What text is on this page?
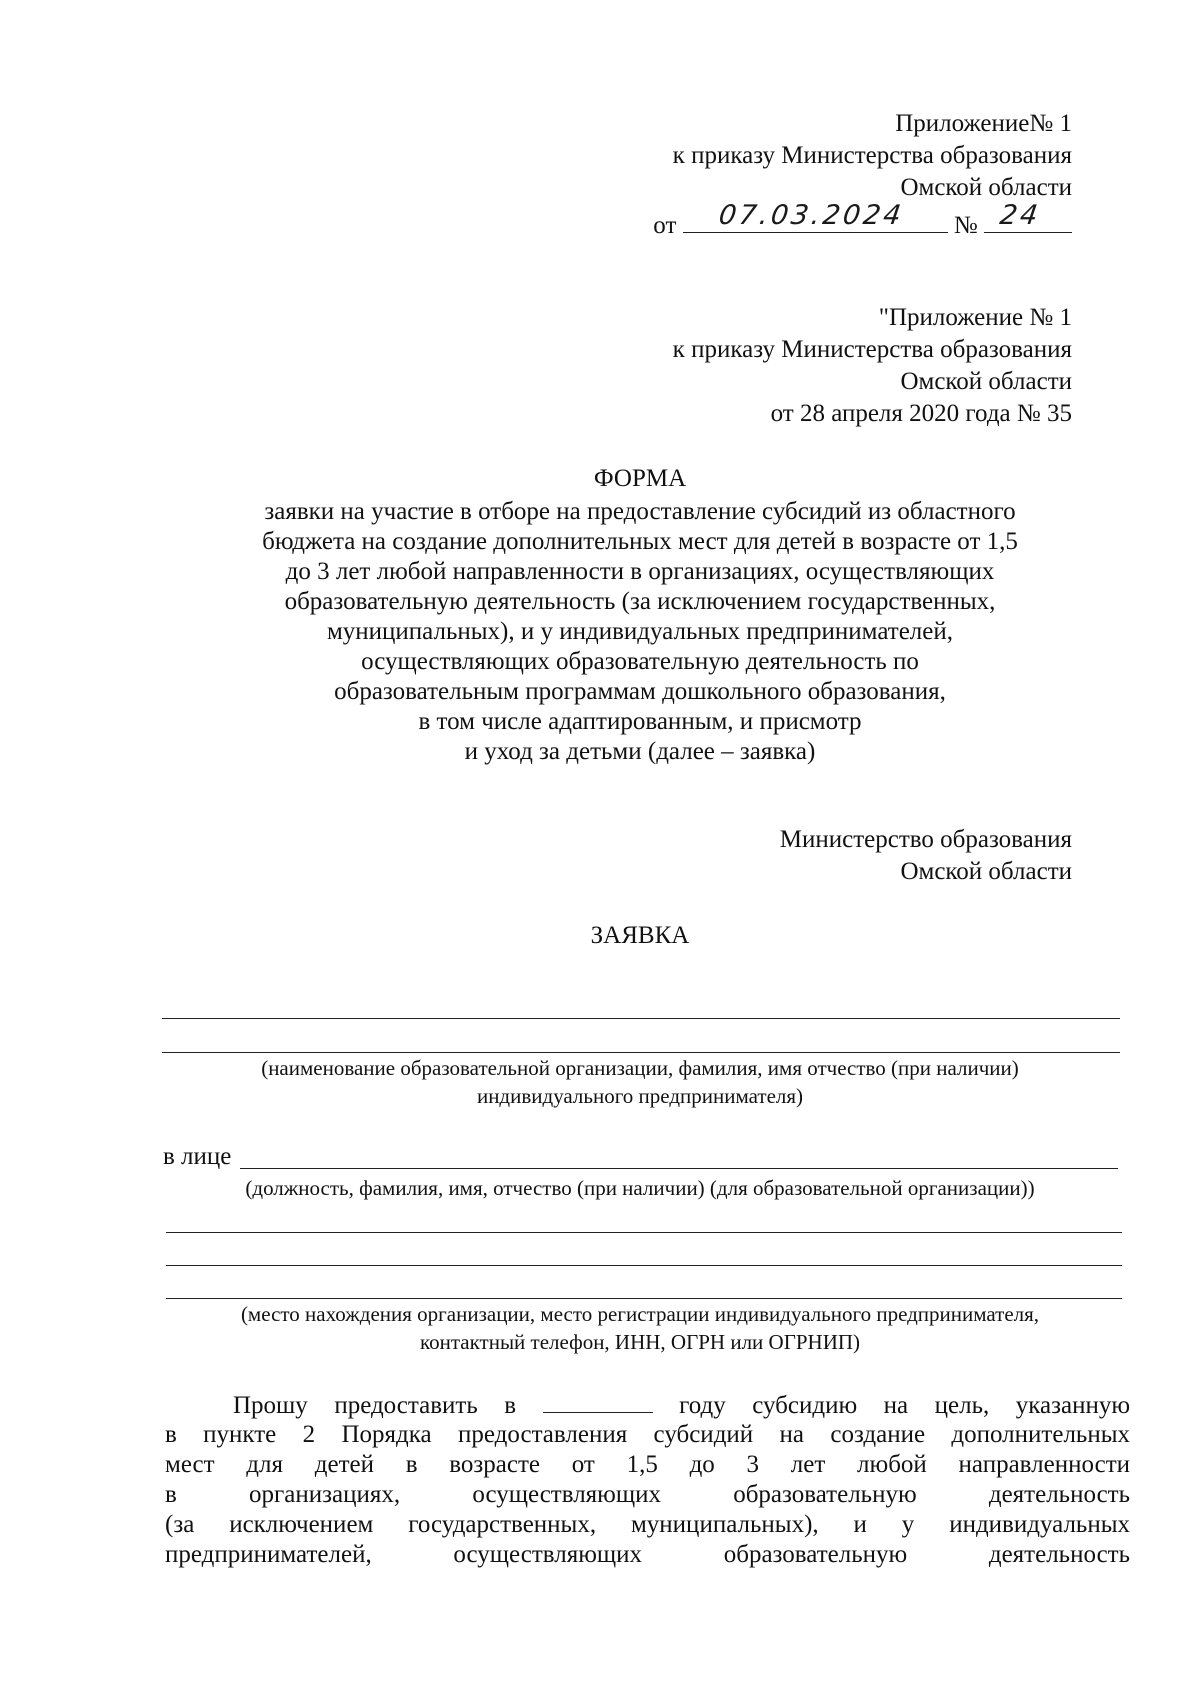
Приложение№ 1
к приказу Министерства образования
Омской области
от 07.03.2024 № 24
"Приложение № 1
к приказу Министерства образования
Омской области
от 28 апреля 2020 года № 35
ФОРМА
заявки на участие в отборе на предоставление субсидий из областного
бюджета на создание дополнительных мест для детей в возрасте от 1,5
до 3 лет любой направленности в организациях, осуществляющих
образовательную деятельность (за исключением государственных,
муниципальных), и у индивидуальных предпринимателей,
осуществляющих образовательную деятельность по
образовательным программам дошкольного образования,
в том числе адаптированным, и присмотр
и уход за детьми (далее – заявка)
Министерство образования
Омской области
ЗАЯВКА
(наименование образовательной организации, фамилия, имя отчество (при наличии)
индивидуального предпринимателя)
в лице
(должность, фамилия, имя, отчество (при наличии) (для образовательной организации))
(место нахождения организации, место регистрации индивидуального предпринимателя,
контактный телефон, ИНН, ОГРН или ОГРНИП)
Прошу предоставить в	году субсидию на цель, указанную
в пункте 2 Порядка предоставления субсидий на создание дополнительных
мест для детей в возрасте от 1,5 до 3 лет любой направленности
в организациях, осуществляющих образовательную деятельность
(за исключением государственных, муниципальных), и у индивидуальных
предпринимателей, осуществляющих образовательную деятельность
